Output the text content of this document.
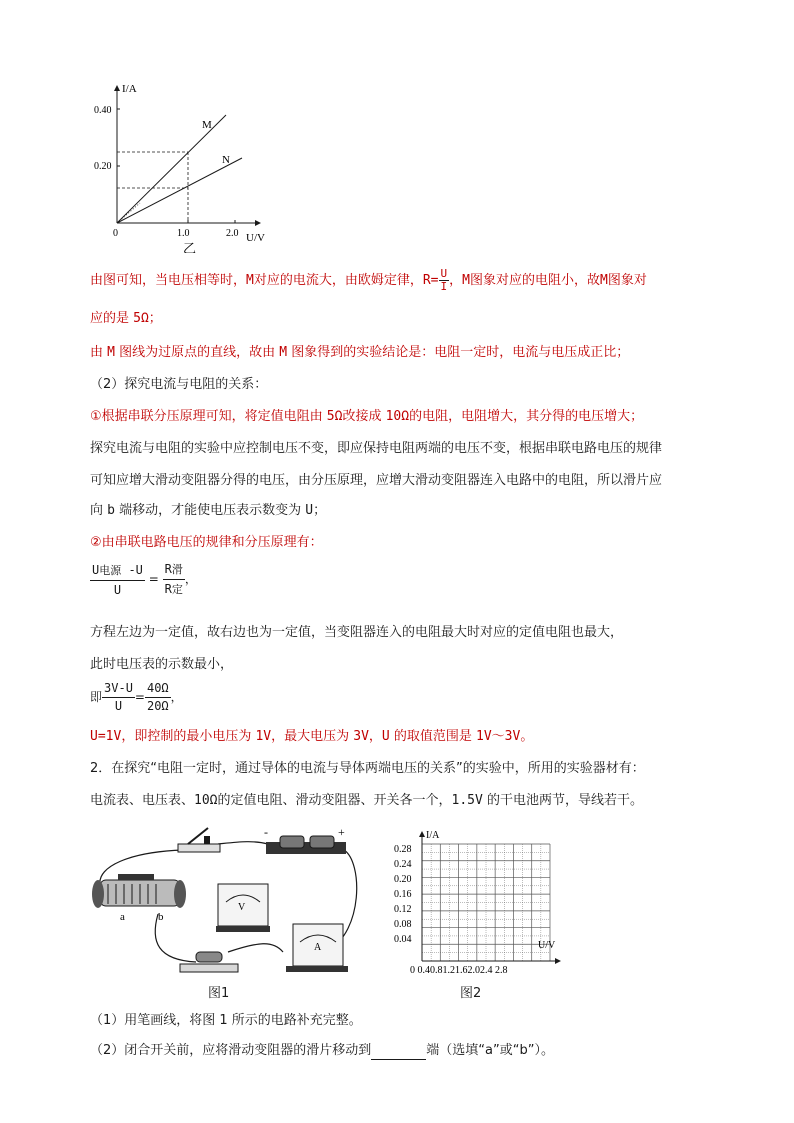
I/A
U/V
0.40
0.20
0	1.0	2.0
M
N
乙
由图可知，当电压相等时，M对应的电流大，由欧姆定律，$R= \frac{U}{I}$ ，M图象对应的电阻小，故M图象对
应的是 5Ω；
由 M 图线为过原点的直线，故由 M 图象得到的实验结论是：电阻一定时，电流与电压成正比；
（2）探究电流与电阻的关系：
①根据串联分压原理可知，将定值电阻由 5Ω改接成 10Ω的电阻，电阻增大，其分得的电压增大；
探究电流与电阻的实验中应控制电压不变，即应保持电阻两端的电压不变，根据串联电路电压的规律
可知应增大滑动变阻器分得的电压，由分压原理，应增大滑动变阻器连入电路中的电阻，所以滑片应
向 b 端移动，才能使电压表示数变为 U；
②由串联电路电压的规律和分压原理有：
$\frac{\text{U电源 -U}}{U} = \frac{\text{R滑}}{\text{R定}}$ ，
方程左边为一定值，故右边也为一定值，当变阻器连入的电阻最大时对应的定值电阻也最大，
此时电压表的示数最小，
即 $\frac{3V-U}{U} = \frac{40\Omega}{20\Omega}$ ，
U=1V，即控制的最小电压为 1V，最大电压为 3V，U 的取值范围是 1V～3V。
2．在探究“电阻一定时，通过导体的电流与导体两端电压的关系”的实验中，所用的实验器材有：
电流表、电压表、10Ω的定值电阻、滑动变阻器、开关各一个，1.5V 的干电池两节，导线若干。
-	+
a	b
V
A
图1
I/A
U/V
0.28
0.24
0.20
0.16
0.12
0.08
0.04
0 0.40.81.21.62.02.4 2.8
图2
（1）用笔画线，将图 1 所示的电路补充完整。
（2）闭合开关前，应将滑动变阻器的滑片移动到	端（选填“a”或“b”）。
